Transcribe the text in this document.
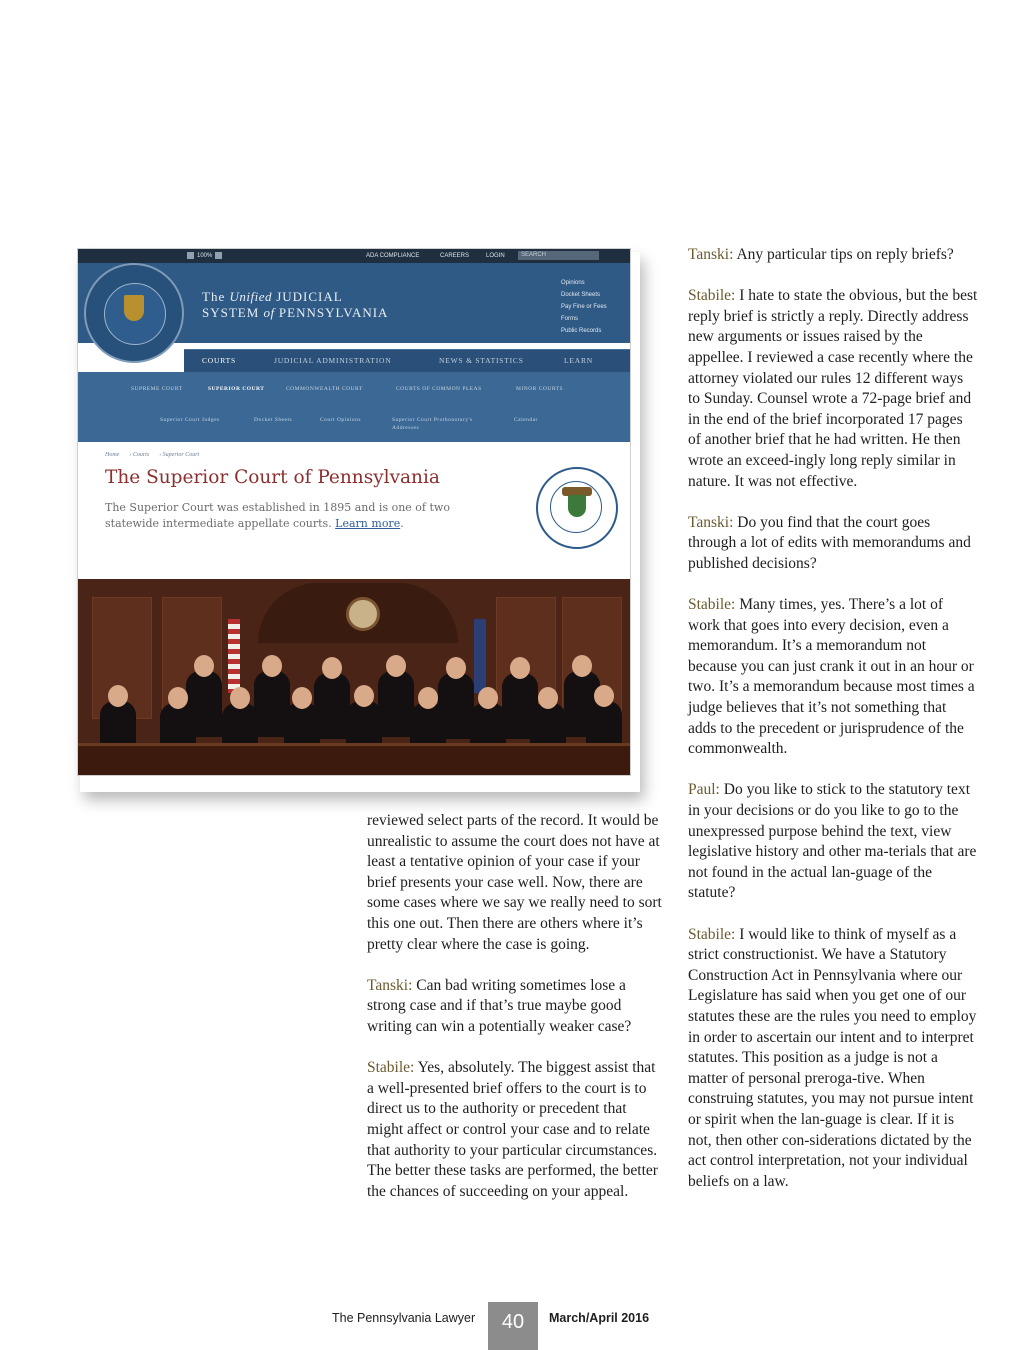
100%	ADA COMPLIANCE	CAREERS	LOGIN	SEARCH
The Unified JUDICIAL
SYSTEM of PENNSYLVANIA
Opinions
Docket Sheets
Pay Fine or Fees
Forms
Public Records
COURTS	JUDICIAL ADMINISTRATION	NEWS & STATISTICS	LEARN
SUPREME COURT	SUPERIOR COURT	COMMONWEALTH COURT	COURTS OF COMMON PLEAS	MINOR COURTS
Superior Court Judges	Docket Sheets	Court Opinions	Superior Court Prothonotary's
Addresses
Calendar
Home › Courts › Superior Court
The Superior Court of Pennsylvania
The Superior Court was established in 1895 and is one of two statewide intermediate appellate courts. Learn more.

Tanski: Any particular tips on reply briefs?

Stabile: I hate to state the obvious, but the best reply brief is strictly a reply. Directly address new arguments or issues raised by the appellee. I reviewed a case recently where the attorney violated our rules 12 different ways to Sunday. Counsel wrote a 72-page brief and in the end of the brief incorporated 17 pages of another brief that he had written. He then wrote an exceed-ingly long reply similar in nature. It was not effective.

Tanski: Do you find that the court goes through a lot of edits with memorandums and published decisions?

Stabile: Many times, yes. There’s a lot of work that goes into every decision, even a memorandum. It’s a memorandum not because you can just crank it out in an hour or two. It’s a memorandum because most times a judge believes that it’s not something that adds to the precedent or jurisprudence of the commonwealth.

Paul: Do you like to stick to the statutory text in your decisions or do you like to go to the unexpressed purpose behind the text, view legislative history and other ma-terials that are not found in the actual lan-guage of the statute?

Stabile: I would like to think of myself as a strict constructionist. We have a Statutory Construction Act in Pennsylvania where our Legislature has said when you get one of our statutes these are the rules you need to employ in order to ascertain our intent and to interpret statutes. This position as a judge is not a matter of personal preroga-tive. When construing statutes, you may not pursue intent or spirit when the lan-guage is clear. If it is not, then other con-siderations dictated by the act control interpretation, not your individual beliefs on a law.

reviewed select parts of the record. It would be unrealistic to assume the court does not have at least a tentative opinion of your case if your brief presents your case well. Now, there are some cases where we say we really need to sort this one out. Then there are others where it’s pretty clear where the case is going.

Tanski: Can bad writing sometimes lose a strong case and if that’s true maybe good writing can win a potentially weaker case?

Stabile: Yes, absolutely. The biggest assist that a well-presented brief offers to the court is to direct us to the authority or precedent that might affect or control your case and to relate that authority to your particular circumstances. The better these tasks are performed, the better the chances of succeeding on your appeal.

The Pennsylvania Lawyer	40	March/April 2016
